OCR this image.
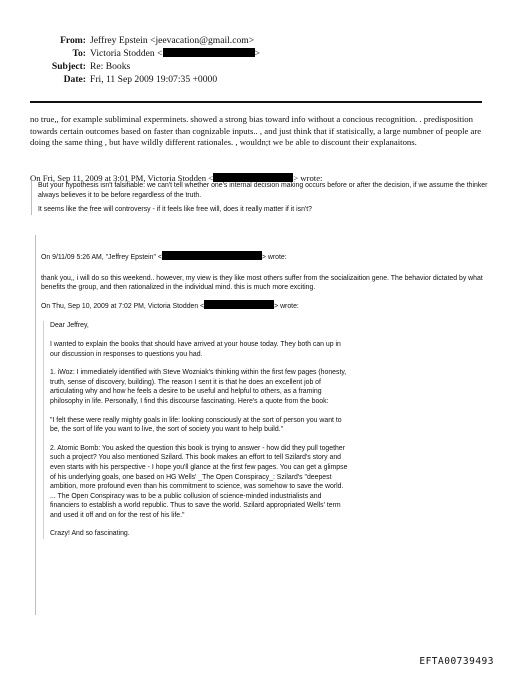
From: Jeffrey Epstein <jeevacation@gmail.com>
To: Victoria Stodden <	>
Subject: Re: Books
Date: Fri, 11 Sep 2009 19:07:35 +0000

no true,, for example subliminal experminets. showed a strong bias toward info without a concious recognition. . predisposition towards certain outcomes based on faster than cognizable inputs.. , and just think that if statisically, a large numbner of people are doing the same thing , but have wildly different rationales. , wouldn;t we be able to discount their explanaitons.

On Fri, Sep 11, 2009 at 3:01 PM, Victoria Stodden <	> wrote:

But your hypothesis isn't falsifiable: we can't tell whether one's internal decision making occurs before or after the decision, if we assume the thinker always believes it to be before regardless of the truth.

It seems like the free will controversy - if it feels like free will, does it really matter if it isn't?

On 9/11/09 5:26 AM, "Jeffrey Epstein" <	> wrote:

thank you,, i will do so this weekend.. however, my view is they like most others suffer from the socializaition gene. The behavior dictated by what benefits the group, and then rationalized in the individual mind. this is much more exciting.

On Thu, Sep 10, 2009 at 7:02 PM, Victoria Stodden <	> wrote:

Dear Jeffrey,

I wanted to explain the books that should have arrived at your house today. They both can up in our discussion in responses to questions you had.

1. iWoz: I immediately identified with Steve Wozniak's thinking within the first few pages (honesty, truth, sense of discovery, building). The reason I sent it is that he does an excellent job of articulating why and how he feels a desire to be useful and helpful to others, as a framing philosophy in life. Personally, I find this discourse fascinating. Here's a quote from the book:

"I felt these were really mighty goals in life: looking consciously at the sort of person you want to be, the sort of life you want to live, the sort of society you want to help build."

2. Atomic Bomb: You asked the question this book is trying to answer - how did they pull together such a project? You also mentioned Szilard. This book makes an effort to tell Szilard's story and even starts with his perspective - I hope you'll glance at the first few pages. You can get a glimpse of his underlying goals, one based on HG Wells' _The Open Conspiracy_: Szilard's "deepest ambition, more profound even than his commitment to science, was somehow to save the world. ... The Open Conspiracy was to be a public collusion of science-minded industrialists and financiers to establish a world republic. Thus to save the world. Szilard appropriated Wells' term and used it off and on for the rest of his life."

Crazy! And so fascinating.

EFTA00739493
